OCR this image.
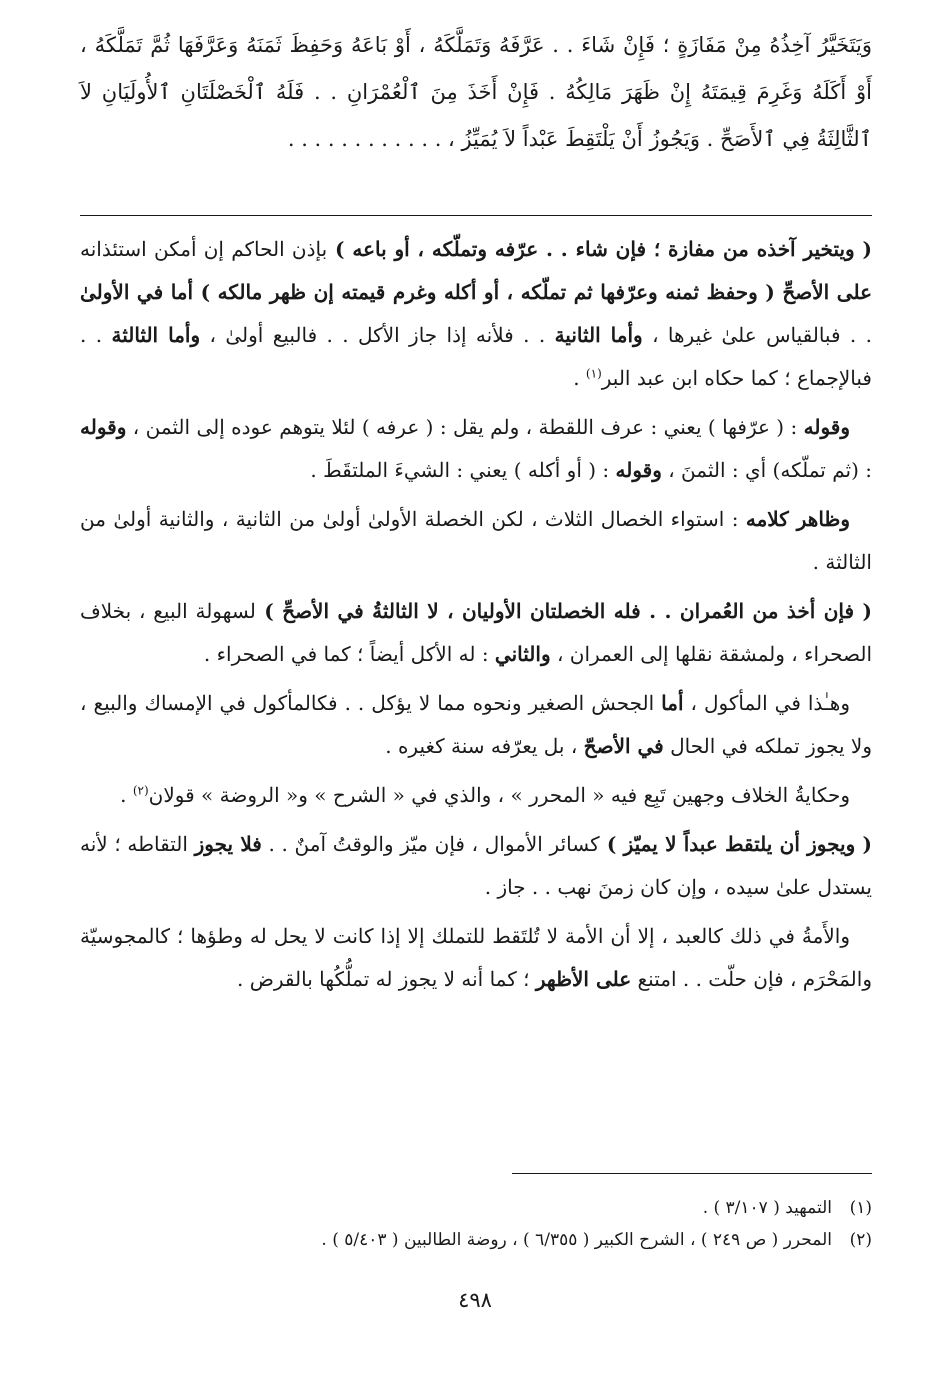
وَيَتَخَيَّرُ آخِذُهُ مِنْ مَفَازَةٍ ؛ فَإِنْ شَاءَ . . عَرَّفَهُ وَتَمَلَّكَهُ ، أَوْ بَاعَهُ وَحَفِظَ ثَمَنَهُ وَعَرَّفَهَا ثُمَّ تَمَلَّكَهُ ، أَوْ أَكَلَهُ وَغَرِمَ قِيمَتَهُ إِنْ ظَهَرَ مَالِكُهُ . فَإِنْ أَخَذَ مِنَ ٱلْعُمْرَانِ . . فَلَهُ ٱلْخَصْلَتَانِ ٱلأُولَيَانِ لاَ ٱلثَّالِثَةُ فِي ٱلأَصَحِّ . وَيَجُوزُ أَنْ يَلْتَقِطَ عَبْداً لاَ يُمَيِّزُ ، . . . . . . . . . . . .

( ويتخير آخذه من مفازة ؛ فإن شاء . . عرّفه وتملّكه ، أو باعه ) بإذن الحاكم إن أمكن استئذانه على الأصحِّ ( وحفظ ثمنه وعرّفها ثم تملّكه ، أو أكله وغرم قيمته إن ظهر مالكه ) أما في الأولىٰ . . فبالقياس علىٰ غيرها ، وأما الثانية . . فلأنه إذا جاز الأكل . . فالبيع أولىٰ ، وأما الثالثة . . فبالإجماع ؛ كما حكاه ابن عبد البر$^{(١)}$ .

وقوله : ( عرّفها ) يعني : عرف اللقطة ، ولم يقل : ( عرفه ) لئلا يتوهم عوده إلى الثمن ، وقوله : (ثم تملّكه) أي : الثمنَ ، وقوله : ( أو أكله ) يعني : الشيءَ الملتقَطَ .

وظاهر كلامه : استواء الخصال الثلاث ، لكن الخصلة الأولىٰ أولىٰ من الثانية ، والثانية أولىٰ من الثالثة .

( فإن أخذ من العُمران . . فله الخصلتان الأوليان ، لا الثالثةُ في الأصحِّ ) لسهولة البيع ، بخلاف الصحراء ، ولمشقة نقلها إلى العمران ، والثاني : له الأكل أيضاً ؛ كما في الصحراء .

وهـٰذا في المأكول ، أما الجحش الصغير ونحوه مما لا يؤكل . . فكالمأكول في الإمساك والبيع ، ولا يجوز تملكه في الحال في الأصحّ ، بل يعرّفه سنة كغيره .

وحكايةُ الخلاف وجهين تَبِع فيه « المحرر » ، والذي في « الشرح » و« الروضة » قولان$^{(٢)}$ .

( ويجوز أن يلتقط عبداً لا يميّز ) كسائر الأموال ، فإن ميّز والوقتُ آمنٌ . . فلا يجوز التقاطه ؛ لأنه يستدل علىٰ سيده ، وإن كان زمنَ نهب . . جاز .

والأَمةُ في ذلك كالعبد ، إلا أن الأمة لا تُلتَقط للتملك إلا إذا كانت لا يحل له وطؤها ؛ كالمجوسيّة والمَحْرَم ، فإن حلّت . . امتنع على الأظهر ؛ كما أنه لا يجوز له تملُّكُها بالقرض .

(١)التمهيد ( ٣/١٠٧ ) .
(٢)المحرر ( ص ٢٤٩ ) ، الشرح الكبير ( ٦/٣٥٥ ) ، روضة الطالبين ( ٥/٤٠٣ ) .
٤٩٨
